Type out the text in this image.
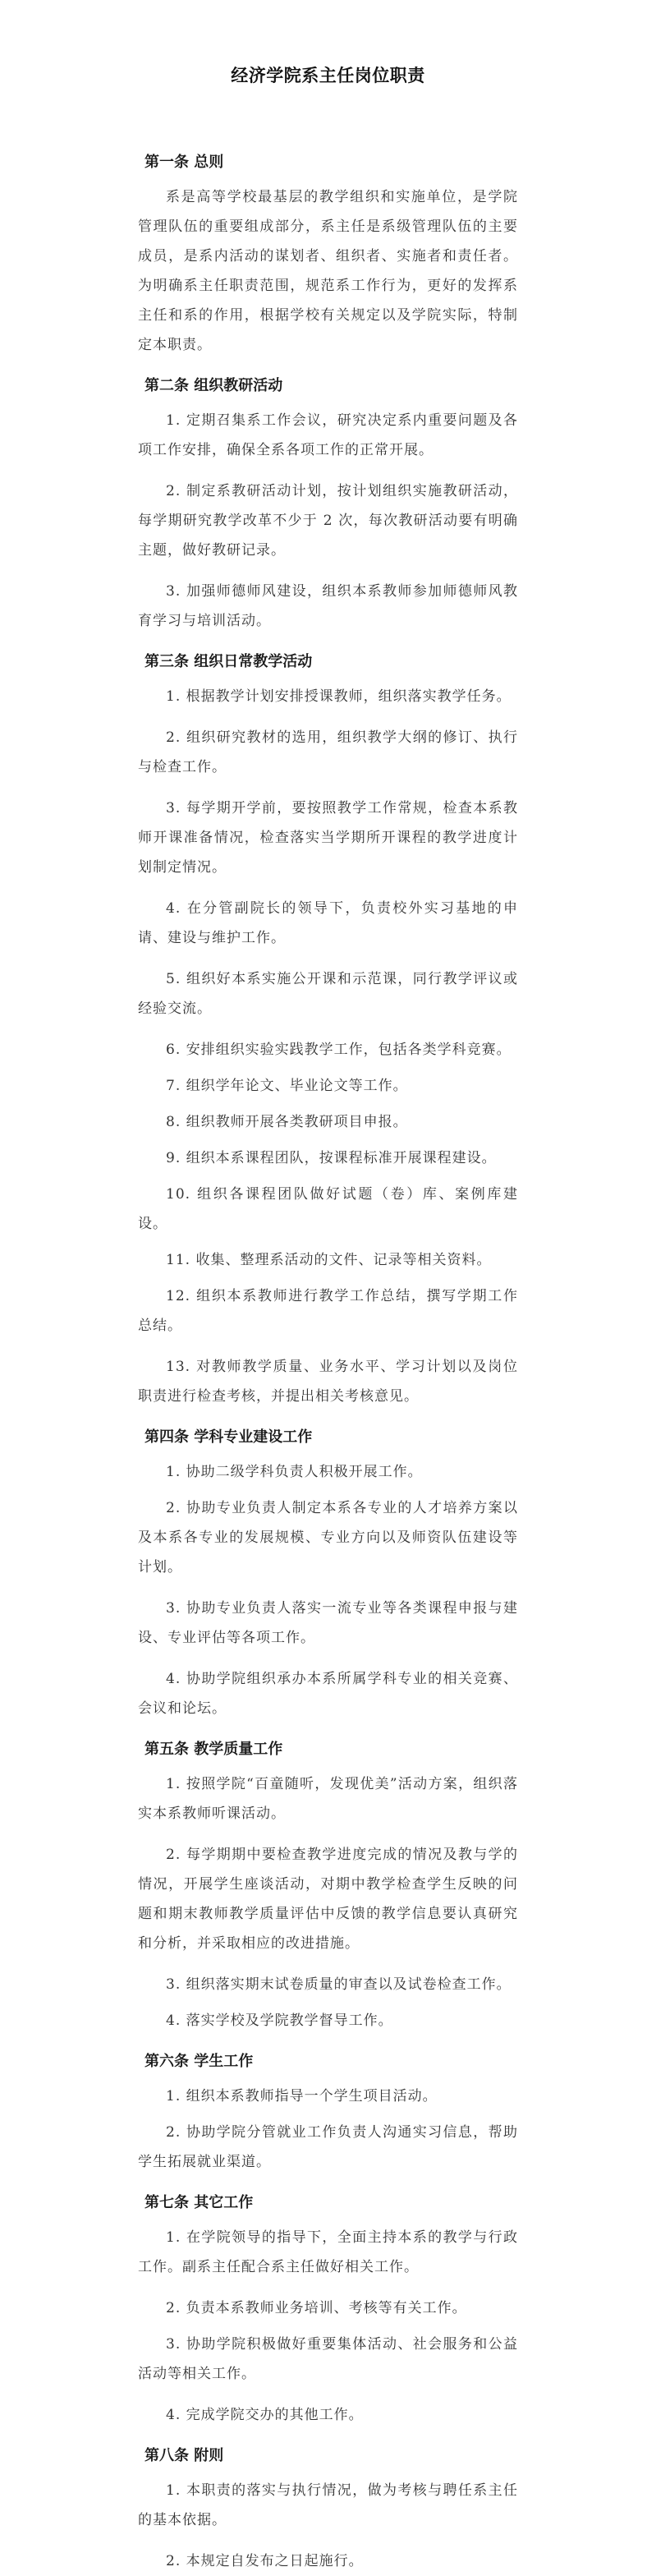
经济学院系主任岗位职责
第一条 总则

系是高等学校最基层的教学组织和实施单位，是学院管理队伍的重要组成部分，系主任是系级管理队伍的主要成员，是系内活动的谋划者、组织者、实施者和责任者。为明确系主任职责范围，规范系工作行为，更好的发挥系主任和系的作用，根据学校有关规定以及学院实际，特制定本职责。

第二条 组织教研活动

1. 定期召集系工作会议，研究决定系内重要问题及各项工作安排，确保全系各项工作的正常开展。

2. 制定系教研活动计划，按计划组织实施教研活动，每学期研究教学改革不少于 2 次，每次教研活动要有明确主题，做好教研记录。

3. 加强师德师风建设，组织本系教师参加师德师风教育学习与培训活动。

第三条 组织日常教学活动

1. 根据教学计划安排授课教师，组织落实教学任务。

2. 组织研究教材的选用，组织教学大纲的修订、执行与检查工作。

3. 每学期开学前，要按照教学工作常规，检查本系教师开课准备情况，检查落实当学期所开课程的教学进度计划制定情况。

4. 在分管副院长的领导下，负责校外实习基地的申请、建设与维护工作。

5. 组织好本系实施公开课和示范课，同行教学评议或经验交流。

6. 安排组织实验实践教学工作，包括各类学科竞赛。

7. 组织学年论文、毕业论文等工作。

8. 组织教师开展各类教研项目申报。

9. 组织本系课程团队，按课程标准开展课程建设。

10. 组织各课程团队做好试题（卷）库、案例库建设。

11. 收集、整理系活动的文件、记录等相关资料。

12. 组织本系教师进行教学工作总结，撰写学期工作总结。

13. 对教师教学质量、业务水平、学习计划以及岗位职责进行检查考核，并提出相关考核意见。

第四条 学科专业建设工作

1. 协助二级学科负责人积极开展工作。

2. 协助专业负责人制定本系各专业的人才培养方案以及本系各专业的发展规模、专业方向以及师资队伍建设等计划。

3. 协助专业负责人落实一流专业等各类课程申报与建设、专业评估等各项工作。

4. 协助学院组织承办本系所属学科专业的相关竞赛、会议和论坛。

第五条 教学质量工作

1. 按照学院“百童随听，发现优美”活动方案，组织落实本系教师听课活动。

2. 每学期期中要检查教学进度完成的情况及教与学的情况，开展学生座谈活动，对期中教学检查学生反映的问题和期末教师教学质量评估中反馈的教学信息要认真研究和分析，并采取相应的改进措施。

3. 组织落实期末试卷质量的审查以及试卷检查工作。

4. 落实学校及学院教学督导工作。

第六条 学生工作

1. 组织本系教师指导一个学生项目活动。

2. 协助学院分管就业工作负责人沟通实习信息，帮助学生拓展就业渠道。

第七条 其它工作

1. 在学院领导的指导下，全面主持本系的教学与行政工作。副系主任配合系主任做好相关工作。

2. 负责本系教师业务培训、考核等有关工作。

3. 协助学院积极做好重要集体活动、社会服务和公益活动等相关工作。

4. 完成学院交办的其他工作。

第八条 附则

1. 本职责的落实与执行情况，做为考核与聘任系主任的基本依据。

2. 本规定自发布之日起施行。
